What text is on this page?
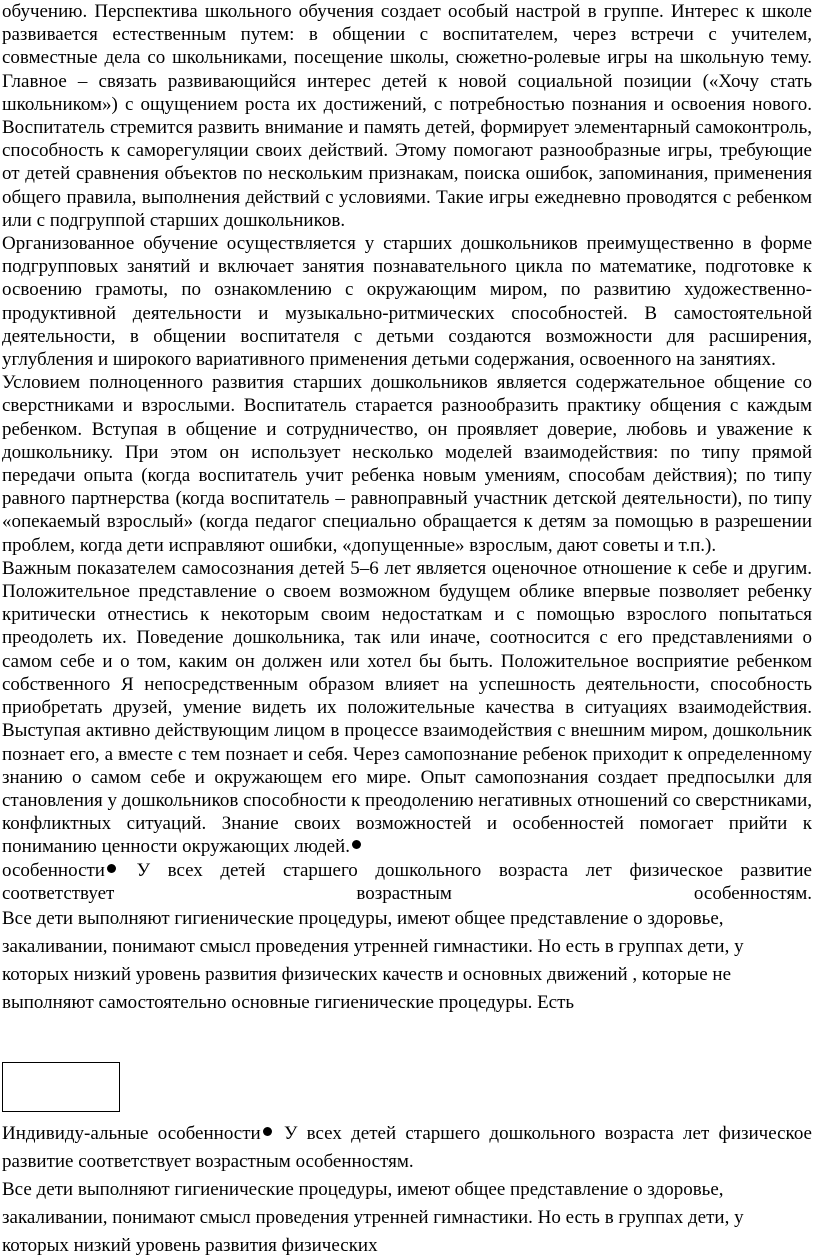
обучению. Перспектива школьного обучения создает особый настрой в группе. Интерес к школе развивается естественным путем: в общении с воспитателем, через встречи с учителем, совместные дела со школьниками, посещение школы, сюжетно-ролевые игры на школьную тему. Главное – связать развивающийся интерес детей к новой социальной позиции («Хочу стать школьником») с ощущением роста их достижений, с потребностью познания и освоения нового. Воспитатель стремится развить внимание и память детей, формирует элементарный самоконтроль, способность к саморегуляции своих действий. Этому помогают разнообразные игры, требующие от детей сравнения объектов по нескольким признакам, поиска ошибок, запоминания, применения общего правила, выполнения действий с условиями. Такие игры ежедневно проводятся с ребенком или с подгруппой старших дошкольников.

Организованное обучение осуществляется у старших дошкольников преимущественно в форме подгрупповых занятий и включает занятия познавательного цикла по математике, подготовке к освоению грамоты, по ознакомлению с окружающим миром, по развитию художественно-продуктивной деятельности и музыкально-ритмических способностей. В самостоятельной деятельности, в общении воспитателя с детьми создаются возможности для расширения, углубления и широкого вариативного применения детьми содержания, освоенного на занятиях.

Условием полноценного развития старших дошкольников является содержательное общение со сверстниками и взрослыми. Воспитатель старается разнообразить практику общения с каждым ребенком. Вступая в общение и сотрудничество, он проявляет доверие, любовь и уважение к дошкольнику. При этом он использует несколько моделей взаимодействия: по типу прямой передачи опыта (когда воспитатель учит ребенка новым умениям, способам действия); по типу равного партнерства (когда воспитатель – равноправный участник детской деятельности), по типу «опекаемый взрослый» (когда педагог специально обращается к детям за помощью в разрешении проблем, когда дети исправляют ошибки, «допущенные» взрослым, дают советы и т.п.).

Важным показателем самосознания детей 5–6 лет является оценочное отношение к себе и другим. Положительное представление о своем возможном будущем облике впервые позволяет ребенку критически отнестись к некоторым своим недостаткам и с помощью взрослого попытаться преодолеть их. Поведение дошкольника, так или иначе, соотносится с его представлениями о самом себе и о том, каким он должен или хотел бы быть. Положительное восприятие ребенком собственного Я непосредственным образом влияет на успешность деятельности, способность приобретать друзей, умение видеть их положительные качества в ситуациях взаимодействия. Выступая активно действующим лицом в процессе взаимодействия с внешним миром, дошкольник познает его, а вместе с тем познает и себя. Через самопознание ребенок приходит к определенному знанию о самом себе и окружающем его мире. Опыт самопознания создает предпосылки для становления у дошкольников способности к преодолению негативных отношений со сверстниками, конфликтных ситуаций. Знание своих возможностей и особенностей помогает прийти к пониманию ценности окружающих людей.

особенности У всех детей старшего дошкольного возраста лет физическое развитие соответствует возрастным особенностям.

Все дети выполняют гигиенические процедуры, имеют общее представление о здоровье, закаливании, понимают смысл проведения утренней гимнастики. Но есть в группах дети, у которых низкий уровень развития физических качеств и основных движений , которые не выполняют самостоятельно основные гигиенические процедуры. Есть

Индивиду-альные особенности У всех детей старшего дошкольного возраста лет физическое развитие соответствует возрастным особенностям.

Все дети выполняют гигиенические процедуры, имеют общее представление о здоровье, закаливании, понимают смысл проведения утренней гимнастики. Но есть в группах дети, у которых низкий уровень развития физических
